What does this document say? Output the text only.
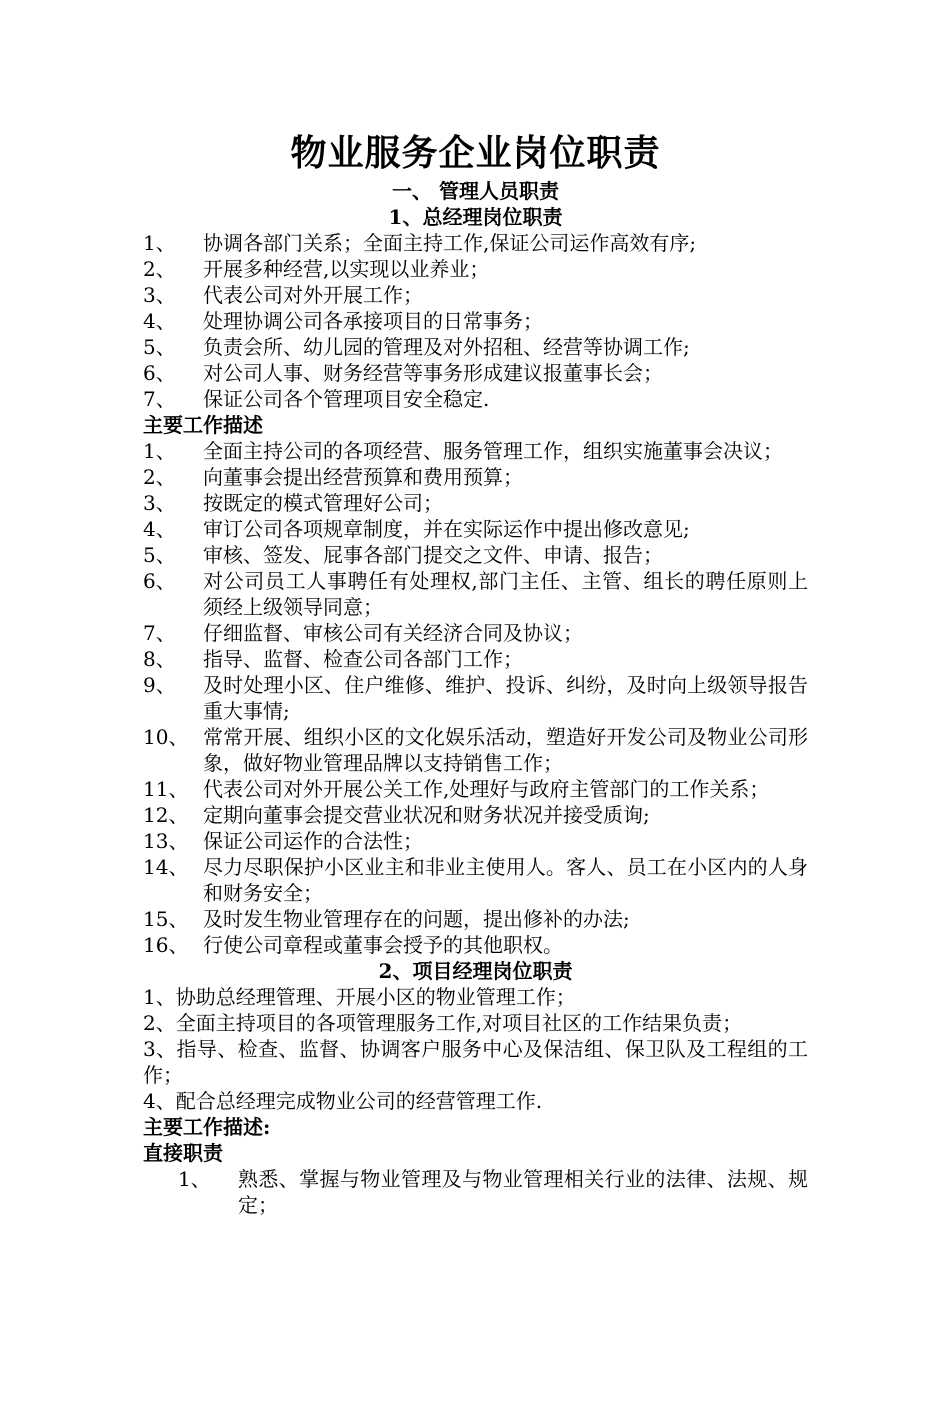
物业服务企业岗位职责

一、 管理人员职责

1、总经理岗位职责

1、	协调各部门关系；全面主持工作,保证公司运作高效有序;
2、	开展多种经营,以实现以业养业；
3、	代表公司对外开展工作；
4、	处理协调公司各承接项目的日常事务；
5、	负责会所、幼儿园的管理及对外招租、经营等协调工作;
6、	对公司人事、财务经营等事务形成建议报董事长会；
7、	保证公司各个管理项目安全稳定.

主要工作描述

1、	全面主持公司的各项经营、服务管理工作，组织实施董事会决议；
2、	向董事会提出经营预算和费用预算；
3、	按既定的模式管理好公司；
4、	审订公司各项规章制度，并在实际运作中提出修改意见;
5、	审核、签发、屁事各部门提交之文件、申请、报告；
6、	对公司员工人事聘任有处理权,部门主任、主管、组长的聘任原则上须经上级领导同意；
7、	仔细监督、审核公司有关经济合同及协议；
8、	指导、监督、检查公司各部门工作；
9、	及时处理小区、住户维修、维护、投诉、纠纷，及时向上级领导报告重大事情;
10、 常常开展、组织小区的文化娱乐活动，塑造好开发公司及物业公司形象，做好物业管理品牌以支持销售工作；
11、 代表公司对外开展公关工作,处理好与政府主管部门的工作关系；
12、 定期向董事会提交营业状况和财务状况并接受质询;
13、 保证公司运作的合法性；
14、 尽力尽职保护小区业主和非业主使用人。客人、员工在小区内的人身和财务安全；
15、 及时发生物业管理存在的问题，提出修补的办法;
16、 行使公司章程或董事会授予的其他职权。

2、项目经理岗位职责

1、协助总经理管理、开展小区的物业管理工作；

2、全面主持项目的各项管理服务工作,对项目社区的工作结果负责；

3、指导、检查、监督、协调客户服务中心及保洁组、保卫队及工程组的工作；

4、配合总经理完成物业公司的经营管理工作.

主要工作描述:

直接职责

1、	熟悉、掌握与物业管理及与物业管理相关行业的法律、法规、规定；
